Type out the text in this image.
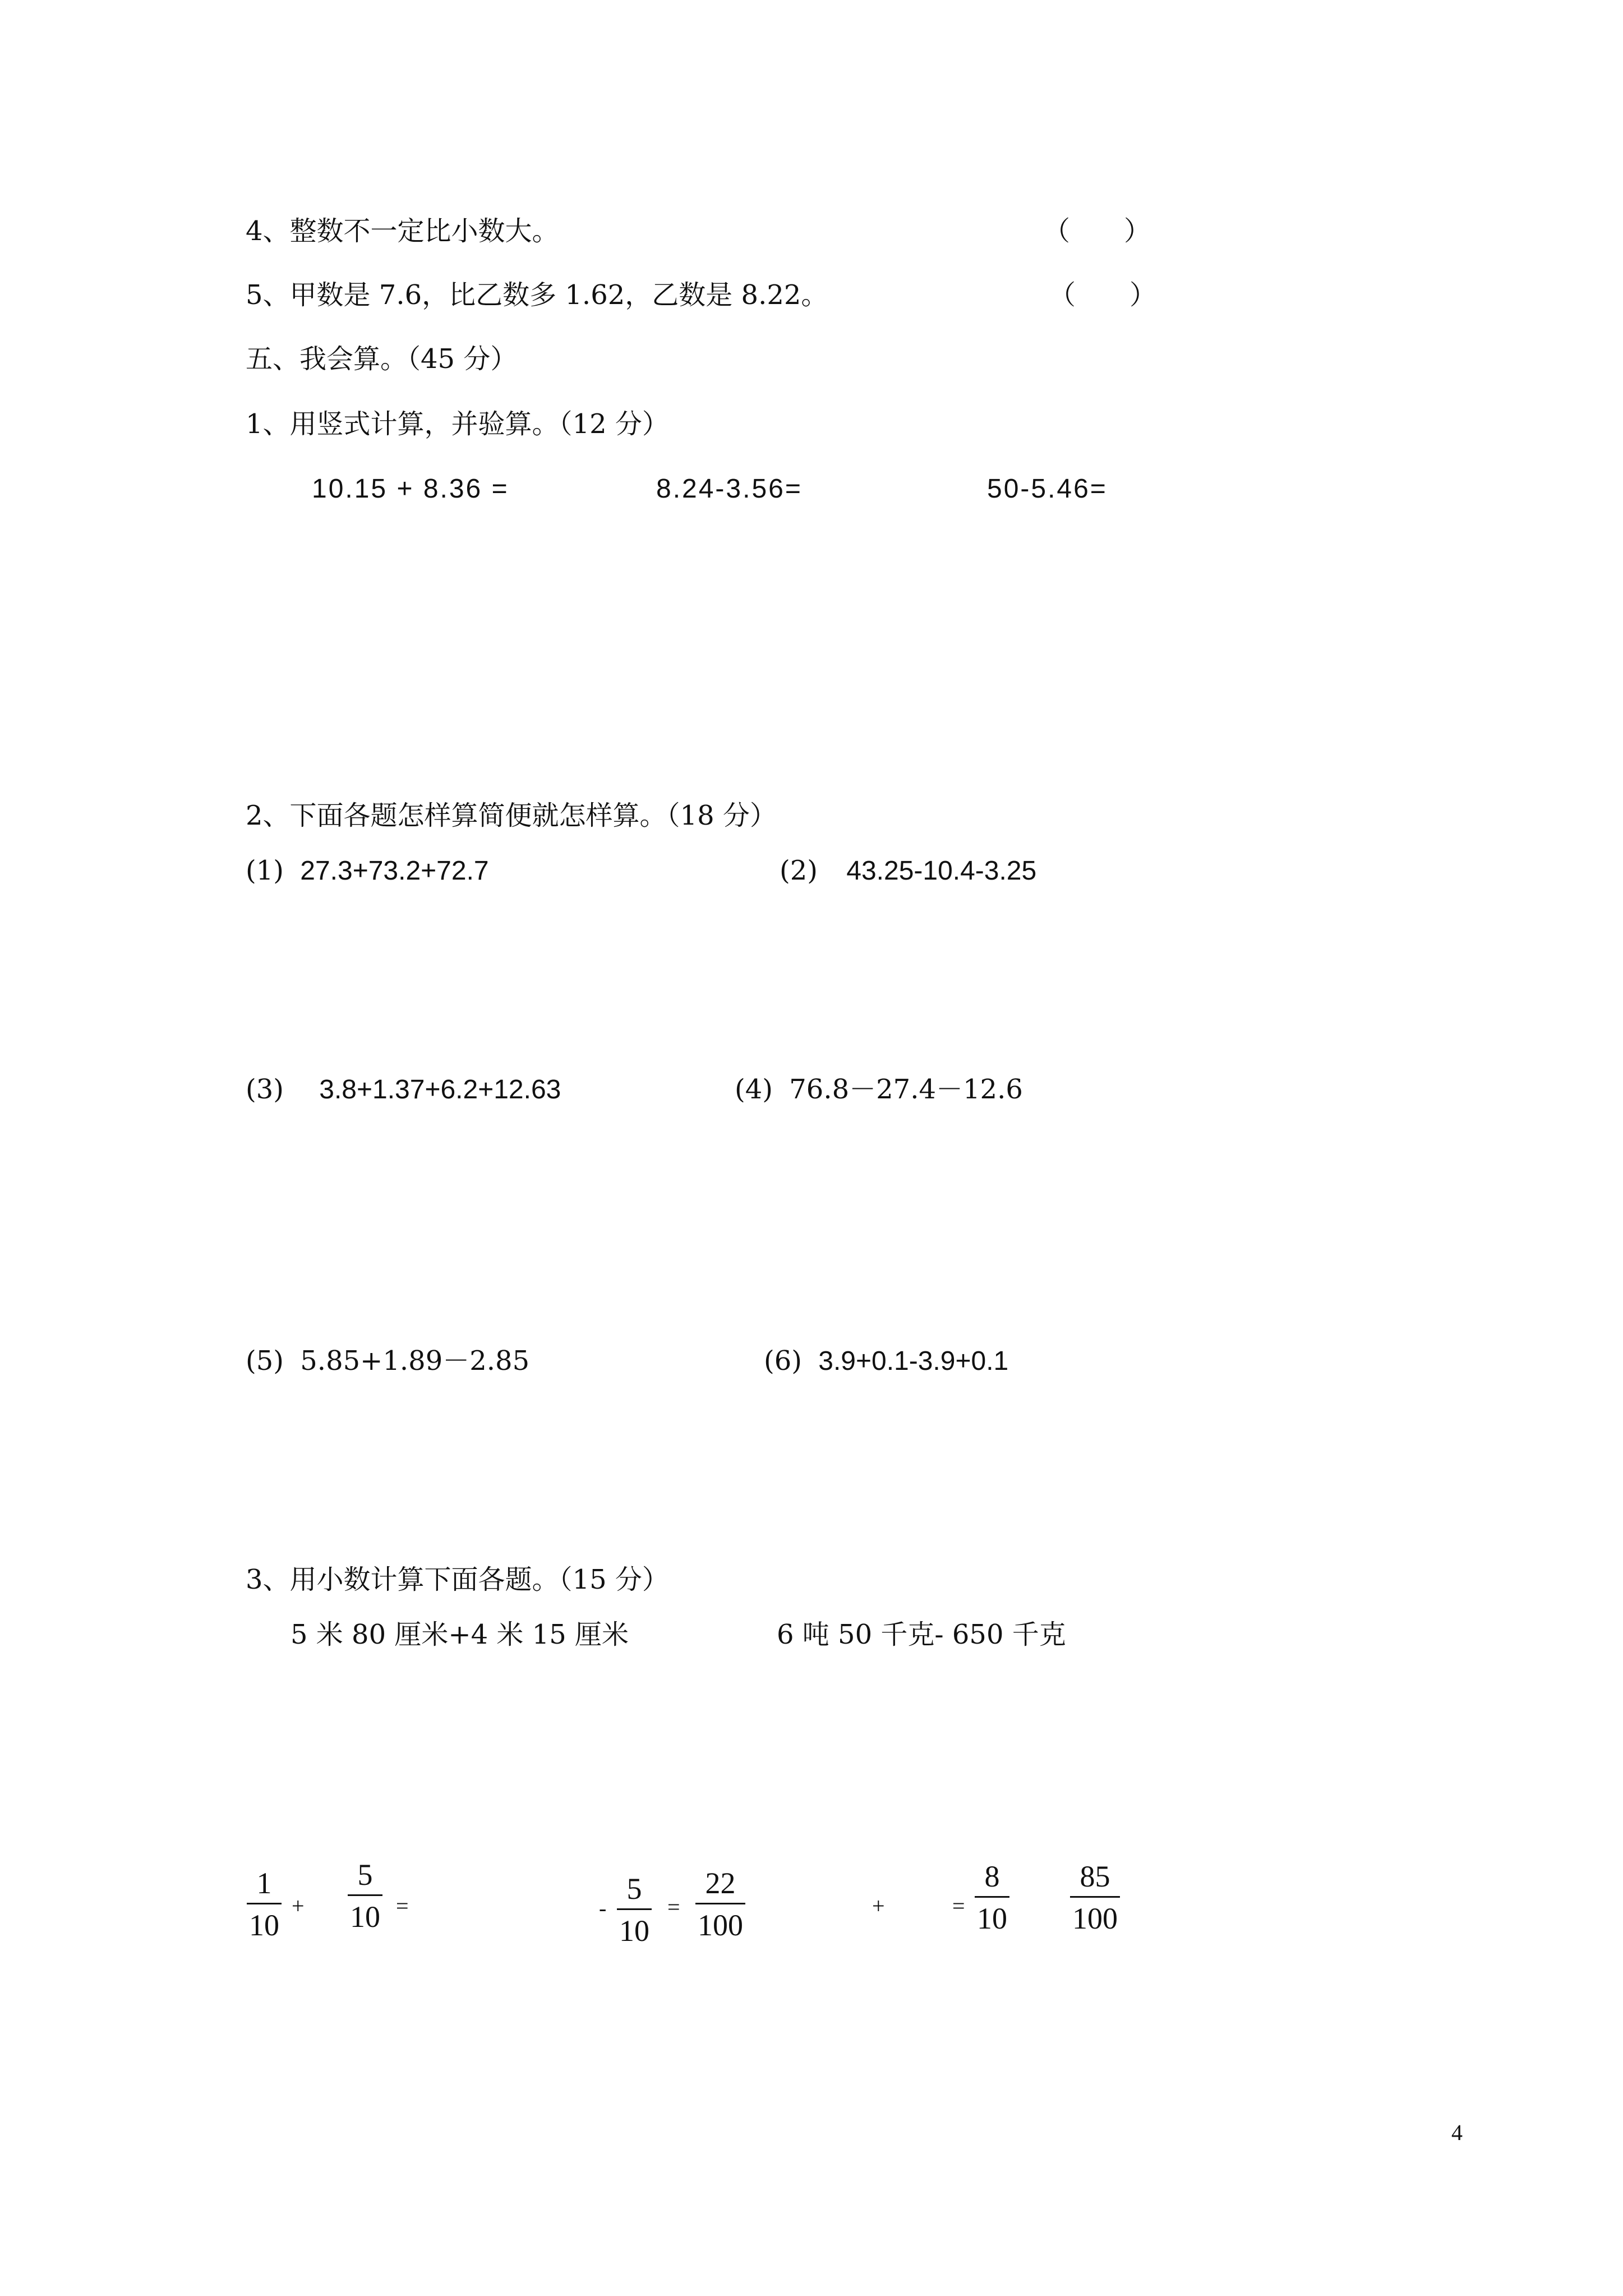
4、整数不一定比小数大。	（　　）
5、甲数是 7.6，比乙数多 1.62，乙数是 8.22。	（　　）
五、我会算。（45 分）
1、用竖式计算，并验算。（12 分）
10.15 + 8.36 =	8.24-3.56=	50-5.46=
2、下面各题怎样算简便就怎样算。（18 分）
(1) 27.3+73.2+72.7	(2) 43.25-10.4-3.25
(3) 3.8+1.37+6.2+12.63	(4) 76.8－27.4－12.6
(5) 5.85+1.89－2.85	(6) 3.9+0.1-3.9+0.1
3、用小数计算下面各题。（15 分）
5 米 80 厘米+4 米 15 厘米	6 吨 50 千克- 650 千克
1
10
+
5
10 =	-
5
10
=
22
100
+	=
8
10
85
100
4
